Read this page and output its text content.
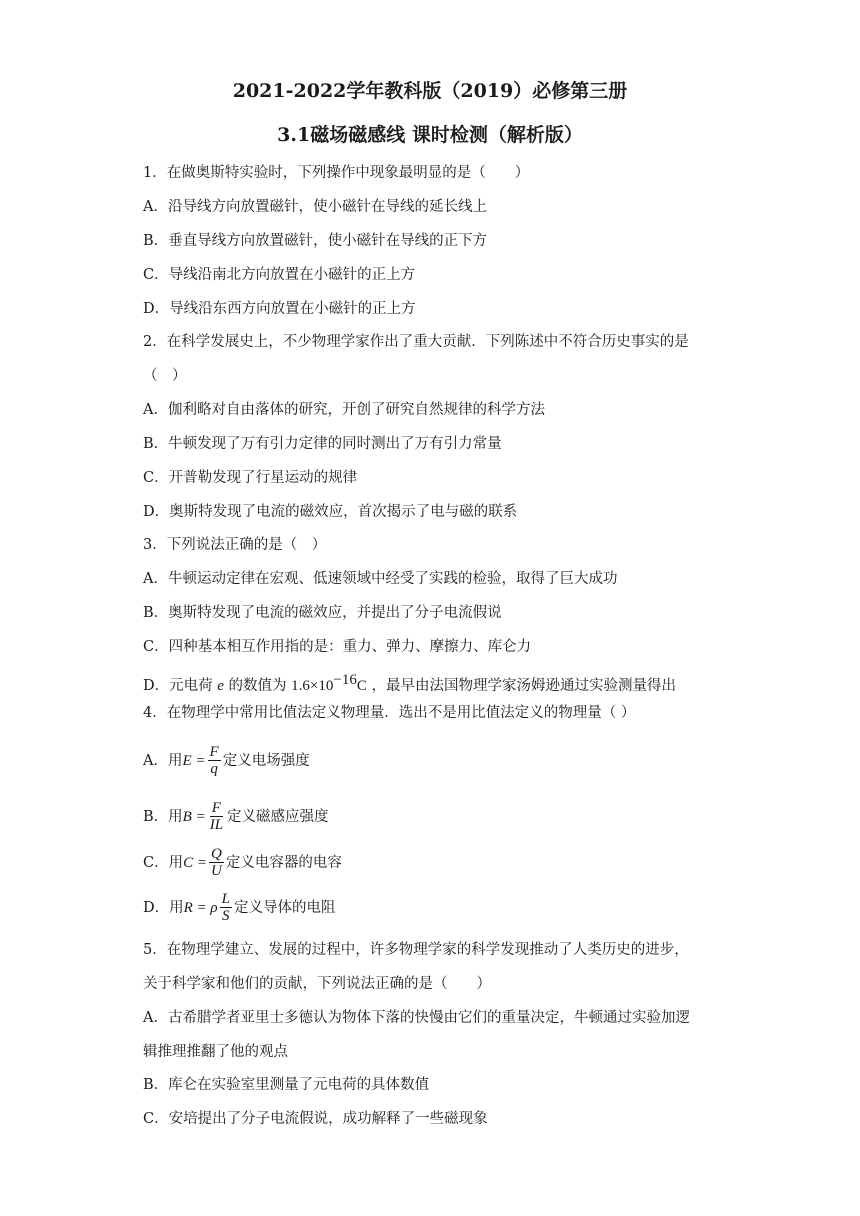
2021-2022学年教科版（2019）必修第三册
3.1磁场磁感线 课时检测（解析版）
1．在做奥斯特实验时，下列操作中现象最明显的是（　　）
A．沿导线方向放置磁针，使小磁针在导线的延长线上
B．垂直导线方向放置磁针，使小磁针在导线的正下方
C．导线沿南北方向放置在小磁针的正上方
D．导线沿东西方向放置在小磁针的正上方
2．在科学发展史上，不少物理学家作出了重大贡献．下列陈述中不符合历史事实的是
（　）
A．伽利略对自由落体的研究，开创了研究自然规律的科学方法
B．牛顿发现了万有引力定律的同时测出了万有引力常量
C．开普勒发现了行星运动的规律
D．奥斯特发现了电流的磁效应，首次揭示了电与磁的联系
3．下列说法正确的是（　）
A．牛顿运动定律在宏观、低速领域中经受了实践的检验，取得了巨大成功
B．奥斯特发现了电流的磁效应，并提出了分子电流假说
C．四种基本相互作用指的是：重力、弹力、摩擦力、库仑力
D．元电荷 e 的数值为 $1.6\times 10^{-16}C$ ，最早由法国物理学家汤姆逊通过实验测量得出
4．在物理学中常用比值法定义物理量．选出不是用比值法定义的物理量（ ）
A．用 $E = \frac{F}{q}$ 定义电场强度
B．用 $B = \frac{F}{IL}$ 定义磁感应强度
C．用 $C = \frac{Q}{U}$ 定义电容器的电容
D．用 R = ρ $\frac{L}{S}$ 定义导体的电阻
5．在物理学建立、发展的过程中，许多物理学家的科学发现推动了人类历史的进步，
关于科学家和他们的贡献，下列说法正确的是（　　）
A．古希腊学者亚里士多德认为物体下落的快慢由它们的重量决定，牛顿通过实验加逻
辑推理推翻了他的观点
B．库仑在实验室里测量了元电荷的具体数值
C．安培提出了分子电流假说，成功解释了一些磁现象
